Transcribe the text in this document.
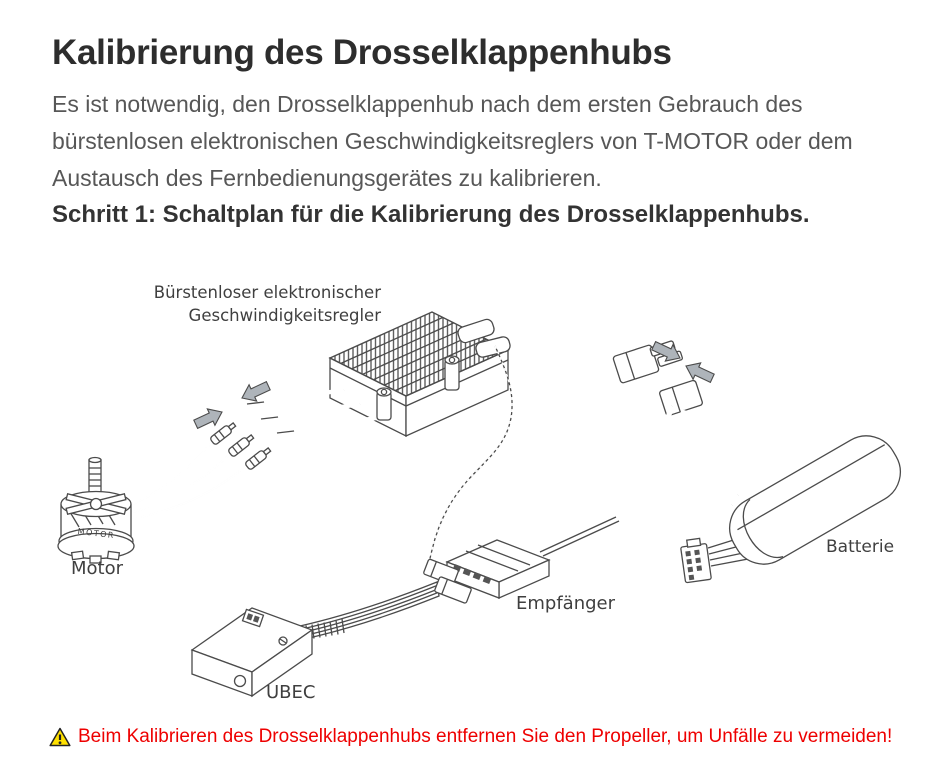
Kalibrierung des Drosselklappenhubs
Es ist notwendig, den Drosselklappenhub nach dem ersten Gebrauch des bürstenlosen elektronischen Geschwindigkeitsreglers von T-MOTOR oder dem Austausch des Fernbedienungsgerätes zu kalibrieren.
Schritt 1: Schaltplan für die Kalibrierung des Drosselklappenhubs.
MOTOR
Bürstenloser elektronischer
Geschwindigkeitsregler
Motor
Empfänger
UBEC
Batterie
Beim Kalibrieren des Drosselklappenhubs entfernen Sie den Propeller, um Unfälle zu vermeiden!
